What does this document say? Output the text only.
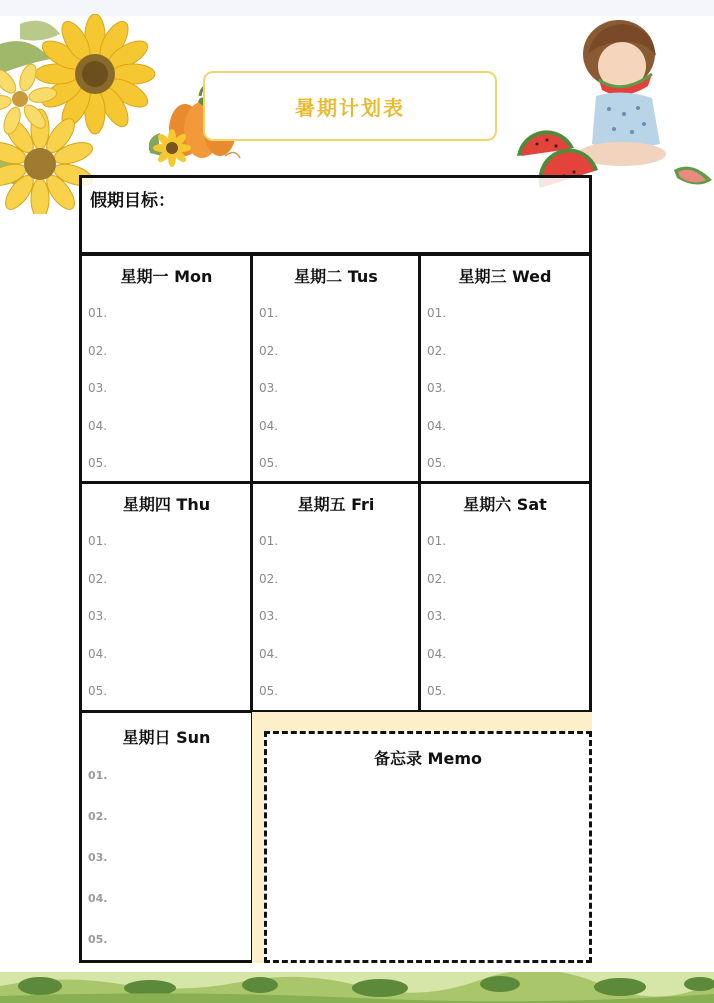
暑期计划表
假期目标：
星期一 Mon
01.
02.
03.
04.
05.
星期二 Tus
01.
02.
03.
04.
05.
星期三 Wed
01.
02.
03.
04.
05.
星期四 Thu
01.
02.
03.
04.
05.
星期五 Fri
01.
02.
03.
04.
05.
星期六 Sat
01.
02.
03.
04.
05.
星期日 Sun
01.
02.
03.
04.
05.
备忘录 Memo
